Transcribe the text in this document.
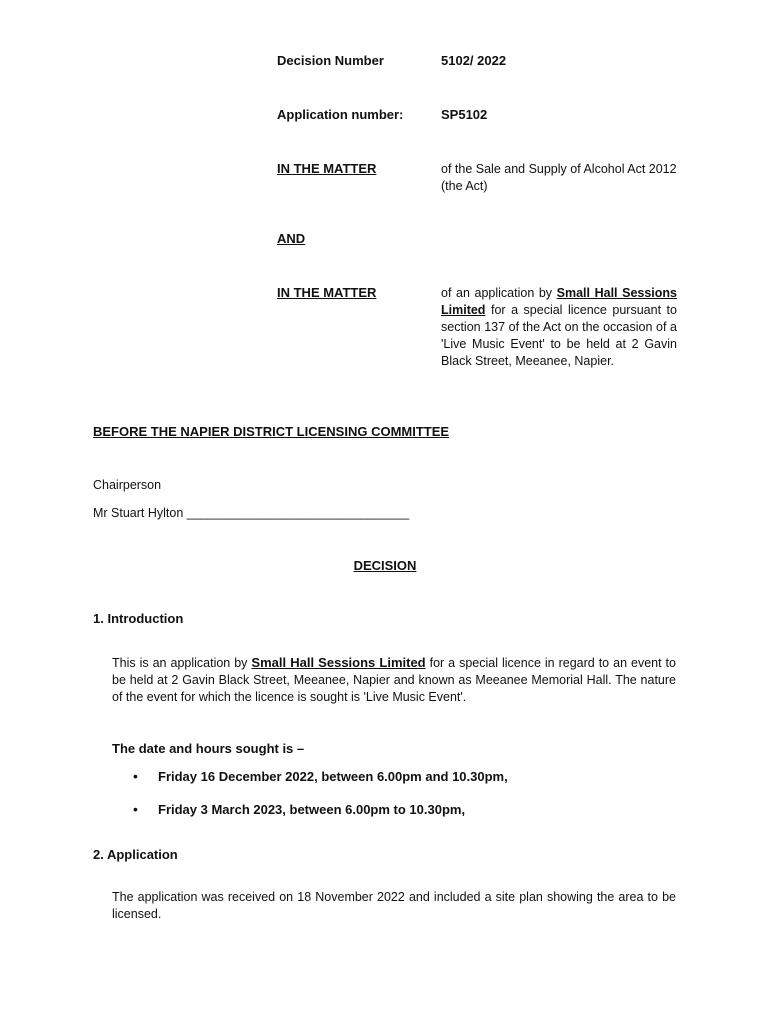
Decision Number	5102/ 2022
Application number:	SP5102
IN THE MATTER	of the Sale and Supply of Alcohol Act 2012 (the Act)
AND
IN THE MATTER	of an application by Small Hall Sessions Limited for a special licence pursuant to section 137 of the Act on the occasion of a 'Live Music Event' to be held at 2 Gavin Black Street, Meeanee, Napier.
BEFORE THE NAPIER DISTRICT LICENSING COMMITTEE
Chairperson
Mr Stuart Hylton ________________________________
DECISION
1. Introduction
This is an application by Small Hall Sessions Limited for a special licence in regard to an event to be held at 2 Gavin Black Street, Meeanee, Napier and known as Meeanee Memorial Hall. The nature of the event for which the licence is sought is 'Live Music Event'.
The date and hours sought is –
• Friday 16 December 2022, between 6.00pm and 10.30pm,
• Friday 3 March 2023, between 6.00pm to 10.30pm,
2. Application
The application was received on 18 November 2022 and included a site plan showing the area to be licensed.
